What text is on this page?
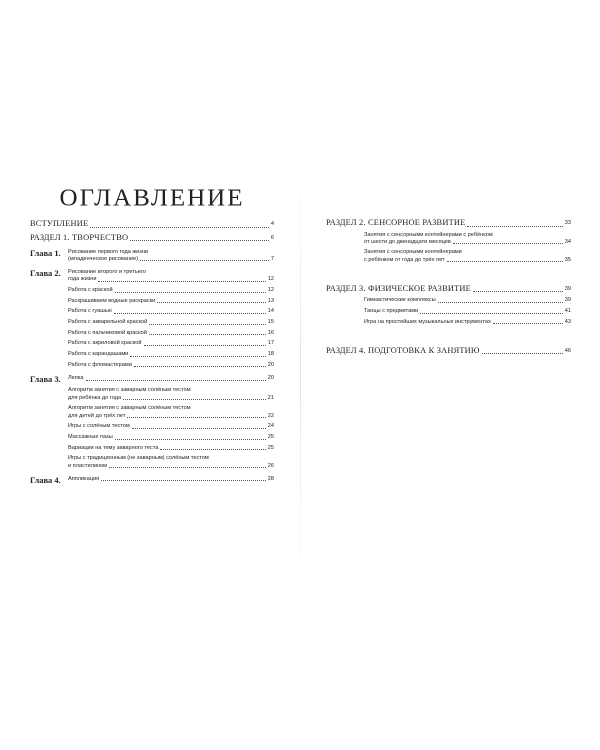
ОГЛАВЛЕНИЕ
ВСТУПЛЕНИЕ	4
РАЗДЕЛ 1. ТВОРЧЕСТВО	6
Глава 1.	Рисование первого года жизни
(младенческое рисование)	7
Глава 2.	Рисование второго и третьего
года жизни	12
Работа с краской	12
Раскрашиваем водные раскраски	13
Работа с гуашью	14
Работа с акварельной краской	15
Работа с пальчиковой краской	16
Работа с акриловой краской	17
Работа с карандашами	18
Работа с фломастерами	20
Глава 3.	Лепка	20
Алгоритм занятия с заварным солёным тестом
для ребёнка до года	21
Алгоритм занятия с заварным солёным тестом
для детей до трёх лет	22
Игры с солёным тестом	24
Массажные пазы	25
Вариации на тему заварного теста	25
Игры с традиционным (не заварным) солёным тестом
и пластилином	26
Глава 4.	Аппликация	28
РАЗДЕЛ 2. СЕНСОРНОЕ РАЗВИТИЕ	33
Занятия с сенсорными контейнерами с ребёнком
от шести до двенадцати месяцев	34
Занятия с сенсорными контейнерами
с ребёнком от года до трёх лет	35
РАЗДЕЛ 3. ФИЗИЧЕСКОЕ РАЗВИТИЕ	39
Гимнастические комплексы	39
Танцы с предметами	41
Игра на простейших музыкальных инструментах	43
РАЗДЕЛ 4. ПОДГОТОВКА К ЗАНЯТИЮ	46
